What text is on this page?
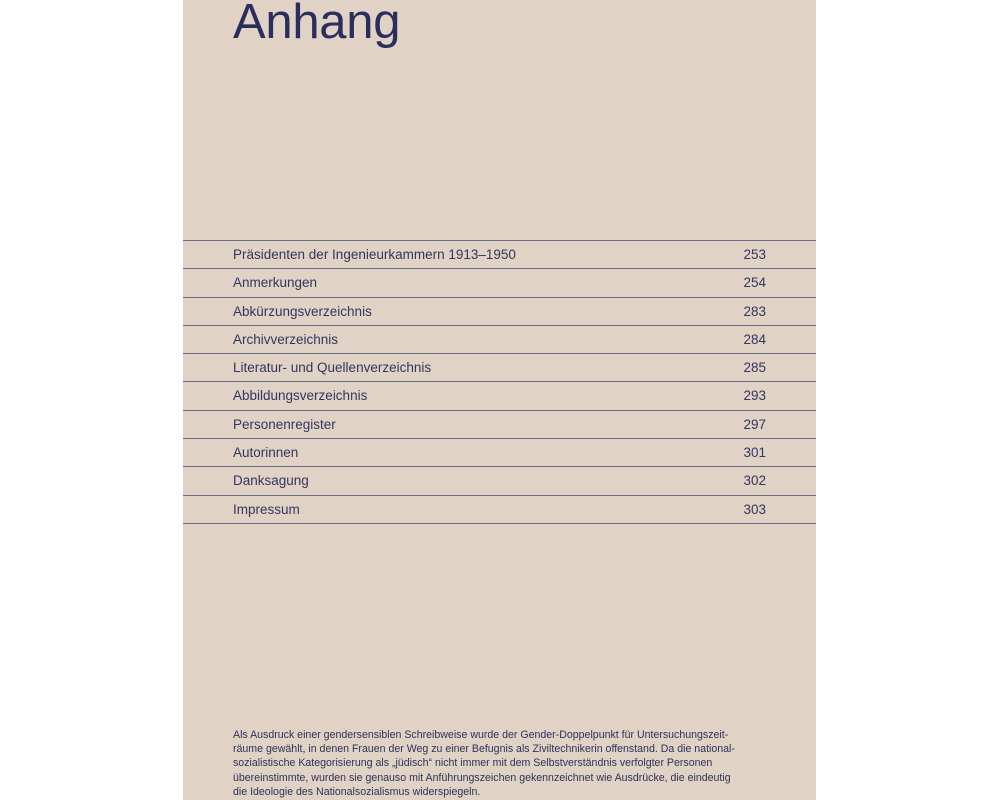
Anhang
Präsidenten der Ingenieurkammern 1913–1950	253
Anmerkungen	254
Abkürzungsverzeichnis	283
Archivverzeichnis	284
Literatur- und Quellenverzeichnis	285
Abbildungsverzeichnis	293
Personenregister	297
Autorinnen	301
Danksagung	302
Impressum	303

Als Ausdruck einer gendersensiblen Schreibweise wurde der Gender-Doppelpunkt für Untersuchungszeit-
räume gewählt, in denen Frauen der Weg zu einer Befugnis als Ziviltechnikerin offenstand. Da die national-
sozialistische Kategorisierung als „jüdisch“ nicht immer mit dem Selbstverständnis verfolgter Personen
übereinstimmte, wurden sie genauso mit Anführungszeichen gekennzeichnet wie Ausdrücke, die eindeutig
die Ideologie des Nationalsozialismus widerspiegeln.
